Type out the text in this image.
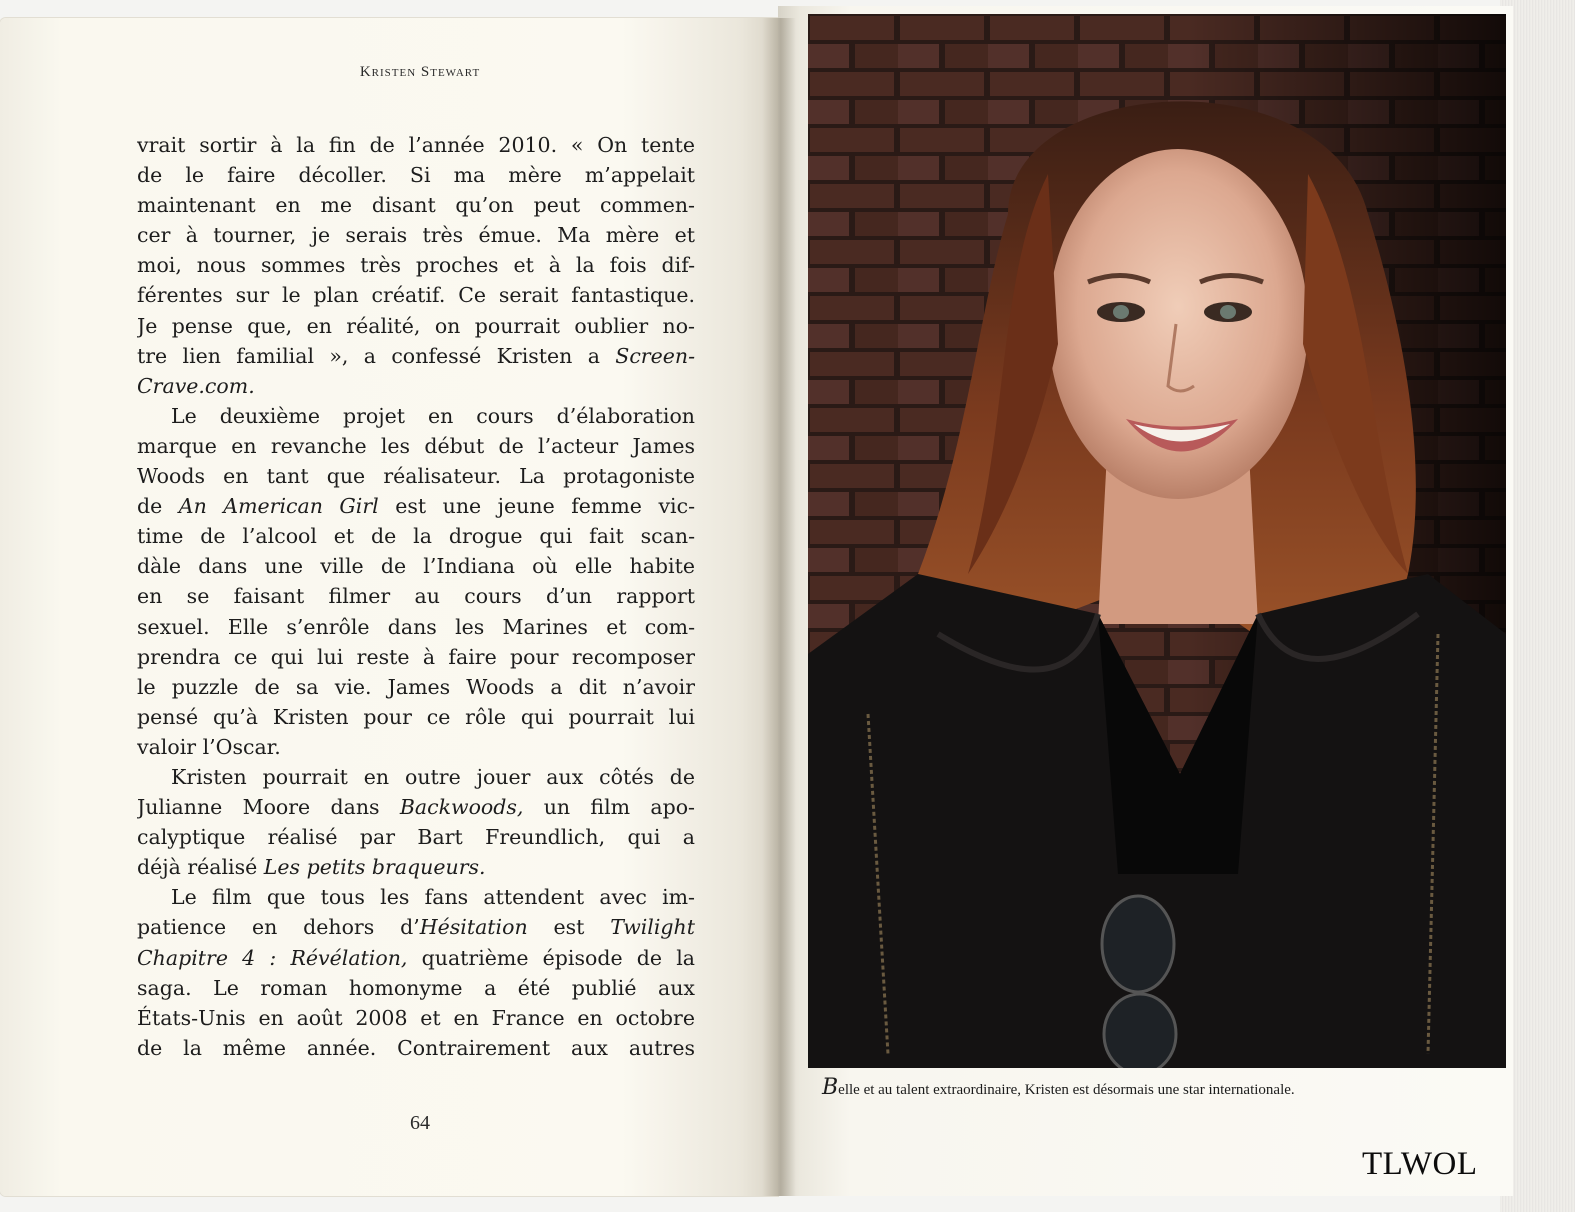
Kristen Stewart
vrait sortir à la fin de l’année 2010. « On tente
de le faire décoller. Si ma mère m’appelait
maintenant en me disant qu’on peut commen-
cer à tourner, je serais très émue. Ma mère et
moi, nous sommes très proches et à la fois dif-
férentes sur le plan créatif. Ce serait fantastique.
Je pense que, en réalité, on pourrait oublier no-
tre lien familial », a confessé Kristen a Screen-
Crave.com.
Le deuxième projet en cours d’élaboration
marque en revanche les début de l’acteur James
Woods en tant que réalisateur. La protagoniste
de An American Girl est une jeune femme vic-
time de l’alcool et de la drogue qui fait scan-
dàle dans une ville de l’Indiana où elle habite
en se faisant filmer au cours d’un rapport
sexuel. Elle s’enrôle dans les Marines et com-
prendra ce qui lui reste à faire pour recomposer
le puzzle de sa vie. James Woods a dit n’avoir
pensé qu’à Kristen pour ce rôle qui pourrait lui
valoir l’Oscar.
Kristen pourrait en outre jouer aux côtés de
Julianne Moore dans Backwoods, un film apo-
calyptique réalisé par Bart Freundlich, qui a
déjà réalisé Les petits braqueurs.
Le film que tous les fans attendent avec im-
patience en dehors d’Hésitation est Twilight
Chapitre 4 : Révélation, quatrième épisode de la
saga. Le roman homonyme a été publié aux
États-Unis en août 2008 et en France en octobre
de la même année. Contrairement aux autres
64
Belle et au talent extraordinaire, Kristen est désormais une star internationale.
TLWOL
